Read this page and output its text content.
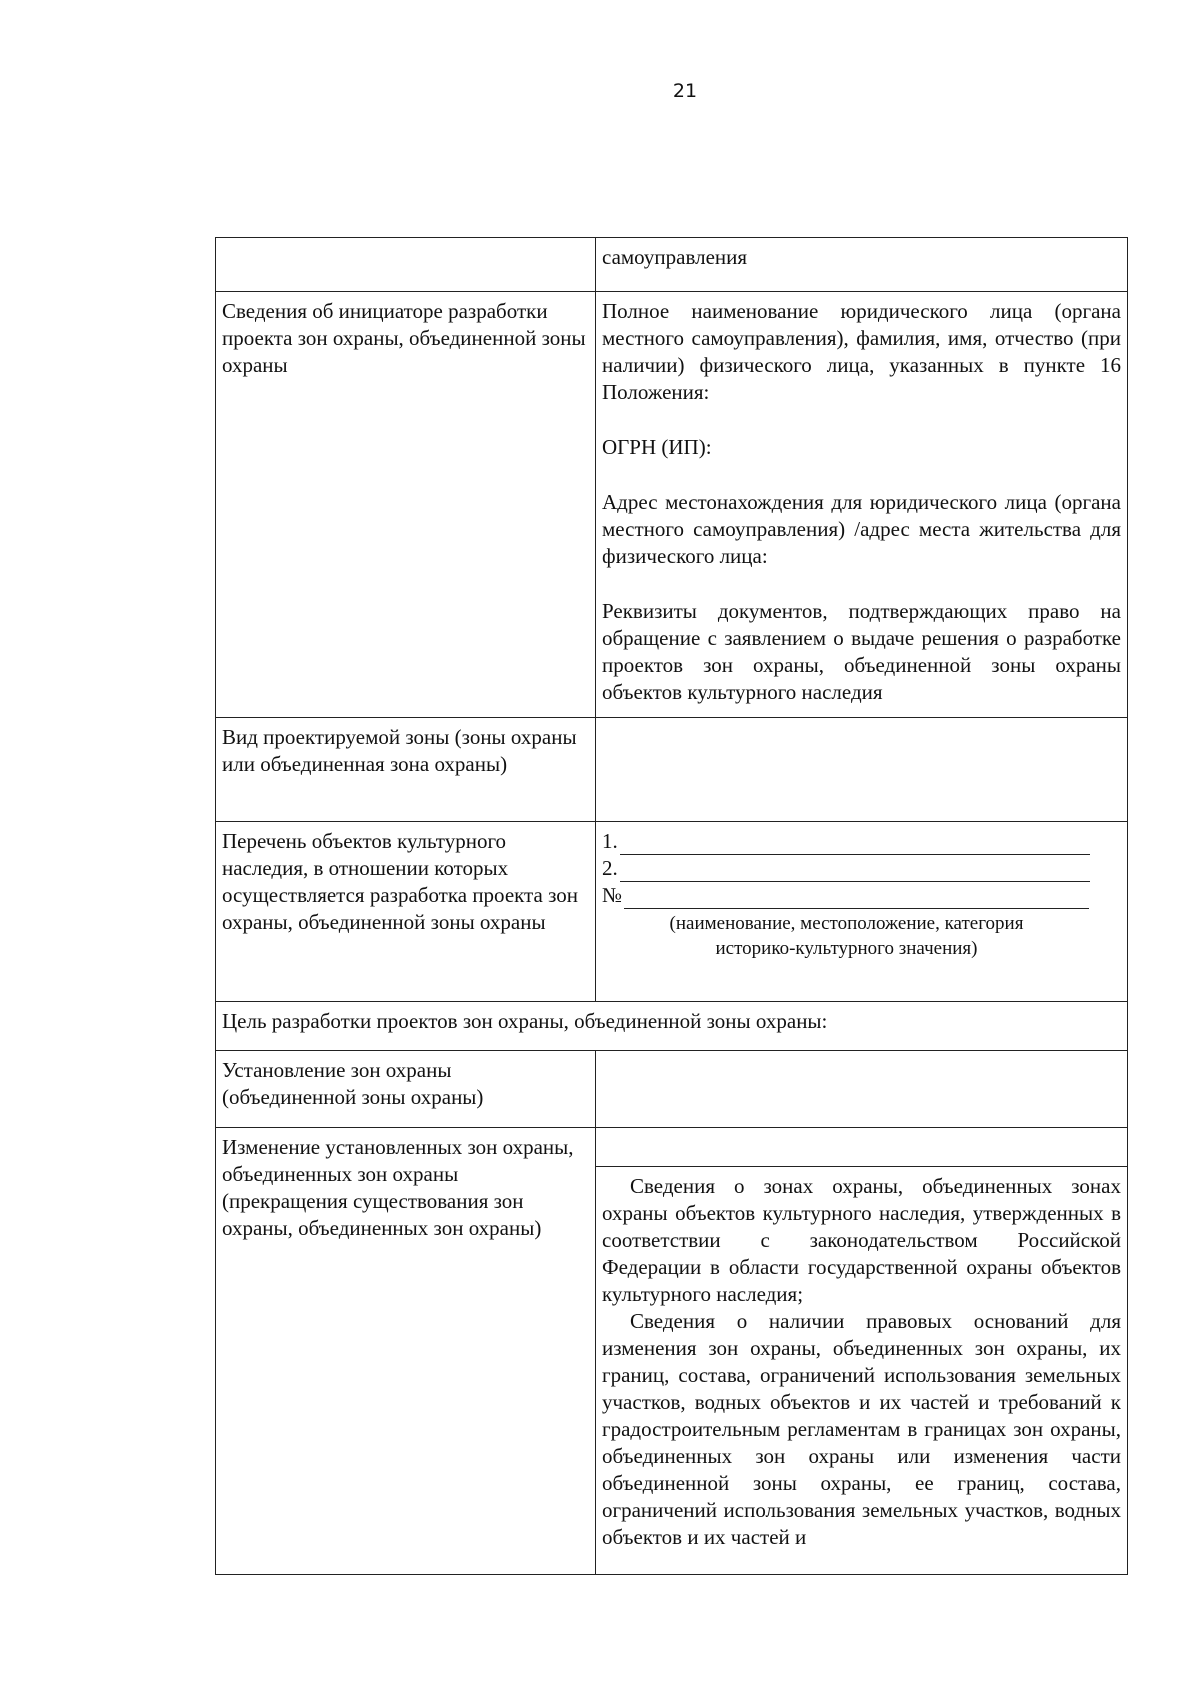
21
	самоуправления
Сведения об инициаторе разработки проекта зон охраны, объединенной зоны охраны	Полное наименование юридического лица (органа местного самоуправления), фамилия, имя, отчество (при наличии) физического лица, указанных в пункте 16 Положения:
ОГРН (ИП):
Адрес местонахождения для юридического лица (органа местного самоуправления) /адрес места жительства для физического лица:
Реквизиты документов, подтверждающих право на обращение с заявлением о выдаче решения о разработке проектов зон охраны, объединенной зоны охраны объектов культурного наследия

Вид проектируемой зоны (зоны охраны или объединенная зона охраны)	
Перечень объектов культурного наследия, в отношении которых осуществляется разработка проекта зон охраны, объединенной зоны охраны	1.
2.
№
(наименование, местоположение, категория
историко-культурного значения)

Цель разработки проектов зон охраны, объединенной зоны охраны:	
Установление зон охраны (объединенной зоны охраны)	
Изменение установленных зон охраны, объединенных зон охраны (прекращения существования зон охраны, объединенных зон охраны)	Сведения о зонах охраны, объединенных зонах охраны объектов культурного наследия, утвержденных в соответствии с законодательством Российской Федерации в области государственной охраны объектов культурного наследия;
Сведения о наличии правовых оснований для изменения зон охраны, объединенных зон охраны, их границ, состава, ограничений использования земельных участков, водных объектов и их частей и требований к градостроительным регламентам в границах зон охраны, объединенных зон охраны или изменения части объединенной зоны охраны, ее границ, состава, ограничений использования земельных участков, водных объектов и их частей и
